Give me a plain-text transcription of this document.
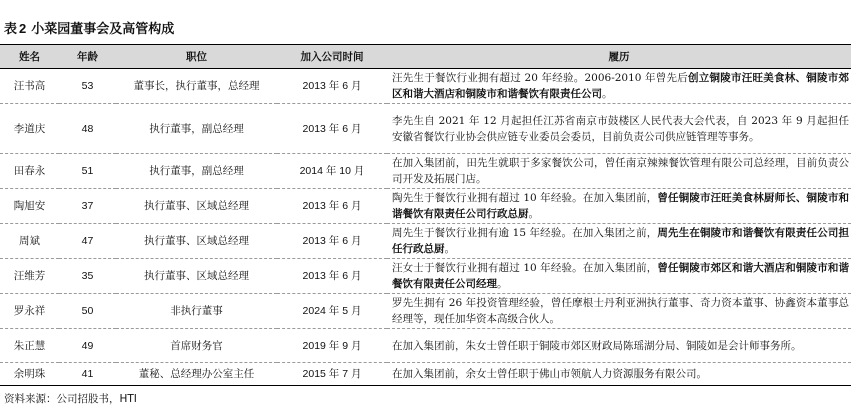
表 2 小菜园董事会及高管构成
姓名	年龄	职位	加入公司时间	履历
汪书高	53	董事长，执行董事，总经理	2013 年 6 月	汪先生于餐饮行业拥有超过 20 年经验。2006-2010 年曾先后创立铜陵市汪旺美食林、铜陵市郊区和谐大酒店和铜陵市和谐餐饮有限责任公司。
李道庆	48	执行董事，副总经理	2013 年 6 月	李先生自 2021 年 12 月起担任江苏省南京市鼓楼区人民代表大会代表，自 2023 年 9 月起担任安徽省餐饮行业协会供应链专业委员会委员，目前负责公司供应链管理等事务。
田春永	51	执行董事，副总经理	2014 年 10 月	在加入集团前，田先生就职于多家餐饮公司，曾任南京辣辣餐饮管理有限公司总经理，目前负责公司开发及拓展门店。
陶旭安	37	执行董事、区域总经理	2013 年 6 月	陶先生于餐饮行业拥有超过 10 年经验。在加入集团前，曾任铜陵市汪旺美食林厨师长、铜陵市和谐餐饮有限责任公司行政总厨。
周斌	47	执行董事、区域总经理	2013 年 6 月	周先生于餐饮行业拥有逾 15 年经验。在加入集团之前，周先生在铜陵市和谐餐饮有限责任公司担任行政总厨。
汪维芳	35	执行董事、区域总经理	2013 年 6 月	汪女士于餐饮行业拥有超过 10 年经验。在加入集团前，曾任铜陵市郊区和谐大酒店和铜陵市和谐餐饮有限责任公司经理。
罗永祥	50	非执行董事	2024 年 5 月	罗先生拥有 26 年投资管理经验，曾任摩根士丹利亚洲执行董事、奇力资本董事、协鑫资本董事总经理等，现任加华资本高级合伙人。
朱正慧	49	首席财务官	2019 年 9 月	在加入集团前，朱女士曾任职于铜陵市郊区财政局陈瑶湖分局、铜陵如是会计师事务所。
余明珠	41	董秘、总经理办公室主任	2015 年 7 月	在加入集团前，余女士曾任职于佛山市领航人力资源服务有限公司。
资料来源：公司招股书，HTI
